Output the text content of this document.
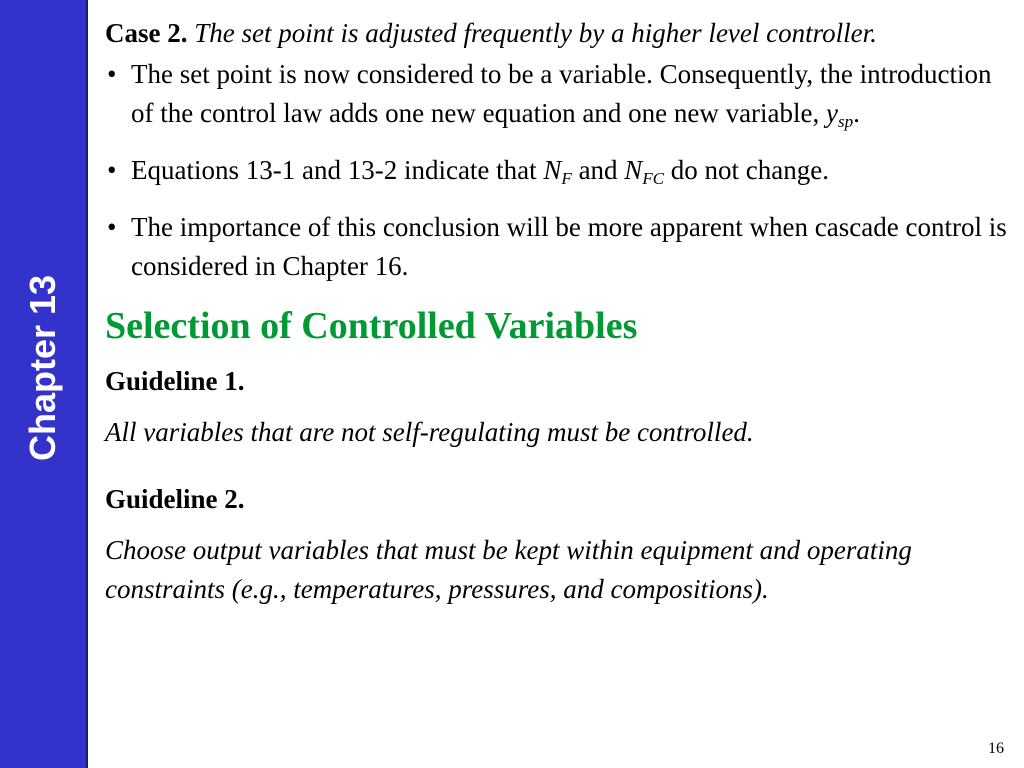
Chapter 13
Case 2. The set point is adjusted frequently by a higher level controller.
• The set point is now considered to be a variable. Consequently, the introduction of the control law adds one new equation and one new variable, $y_{sp}$.
• Equations 13-1 and 13-2 indicate that $N_F$ and $N_{FC}$ do not change.
• The importance of this conclusion will be more apparent when cascade control is considered in Chapter 16.
Selection of Controlled Variables
Guideline 1.
All variables that are not self-regulating must be controlled.
Guideline 2.
Choose output variables that must be kept within equipment and operating constraints (e.g., temperatures, pressures, and compositions).
16
